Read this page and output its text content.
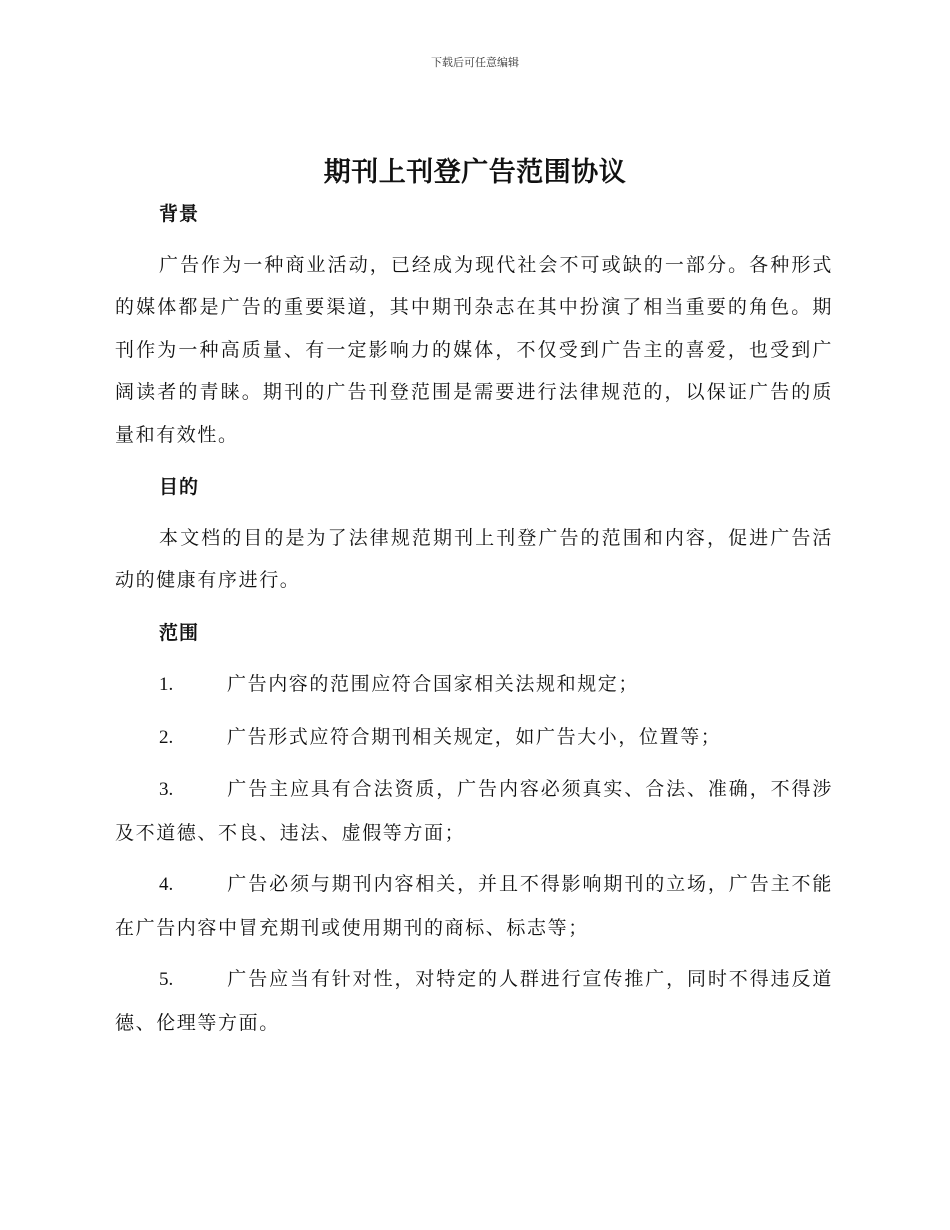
下载后可任意编辑
期刊上刊登广告范围协议

背景

广告作为一种商业活动，已经成为现代社会不可或缺的一部分。各种形式的媒体都是广告的重要渠道，其中期刊杂志在其中扮演了相当重要的角色。期刊作为一种高质量、有一定影响力的媒体，不仅受到广告主的喜爱，也受到广阔读者的青睐。期刊的广告刊登范围是需要进行法律规范的，以保证广告的质量和有效性。

目的

本文档的目的是为了法律规范期刊上刊登广告的范围和内容，促进广告活动的健康有序进行。

范围

1.	广告内容的范围应符合国家相关法规和规定；

2.	广告形式应符合期刊相关规定，如广告大小，位置等；

3.	广告主应具有合法资质，广告内容必须真实、合法、准确，不得涉及不道德、不良、违法、虚假等方面；

4.	广告必须与期刊内容相关，并且不得影响期刊的立场，广告主不能在广告内容中冒充期刊或使用期刊的商标、标志等；

5.	广告应当有针对性，对特定的人群进行宣传推广，同时不得违反道德、伦理等方面。
